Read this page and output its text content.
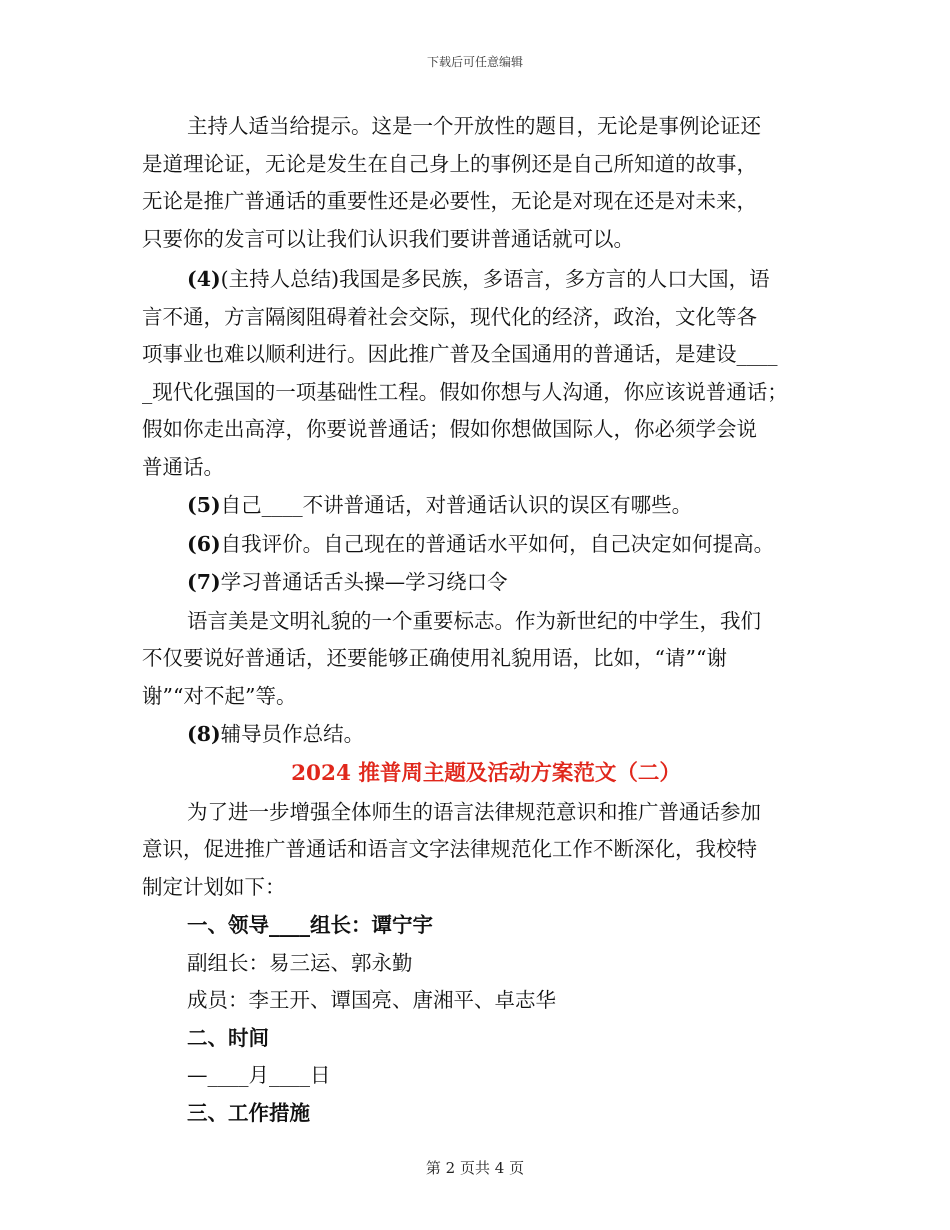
下载后可任意编辑

主持人适当给提示。这是一个开放性的题目，无论是事例论证还

是道理论证，无论是发生在自己身上的事例还是自己所知道的故事，

无论是推广普通话的重要性还是必要性，无论是对现在还是对未来，

只要你的发言可以让我们认识我们要讲普通话就可以。

(4)(主持人总结)我国是多民族，多语言，多方言的人口大国，语

言不通，方言隔阂阻碍着社会交际，现代化的经济，政治，文化等各

项事业也难以顺利进行。因此推广普及全国通用的普通话，是建设____

_现代化强国的一项基础性工程。假如你想与人沟通，你应该说普通话；

假如你走出高淳，你要说普通话；假如你想做国际人，你必须学会说

普通话。

(5)自己____不讲普通话，对普通话认识的误区有哪些。

(6)自我评价。自己现在的普通话水平如何，自己决定如何提高。

(7)学习普通话舌头操—学习绕口令

语言美是文明礼貌的一个重要标志。作为新世纪的中学生，我们

不仅要说好普通话，还要能够正确使用礼貌用语，比如，“请”“谢

谢”“对不起”等。

(8)辅导员作总结。

2024 推普周主题及活动方案范文（二）

为了进一步增强全体师生的语言法律规范意识和推广普通话参加

意识，促进推广普通话和语言文字法律规范化工作不断深化，我校特

制定计划如下：

一、领导____组长：谭宁宇

副组长：易三运、郭永勤

成员：李王开、谭国亮、唐湘平、卓志华

二、时间

—____月____日

三、工作措施

第 2 页共 4 页
